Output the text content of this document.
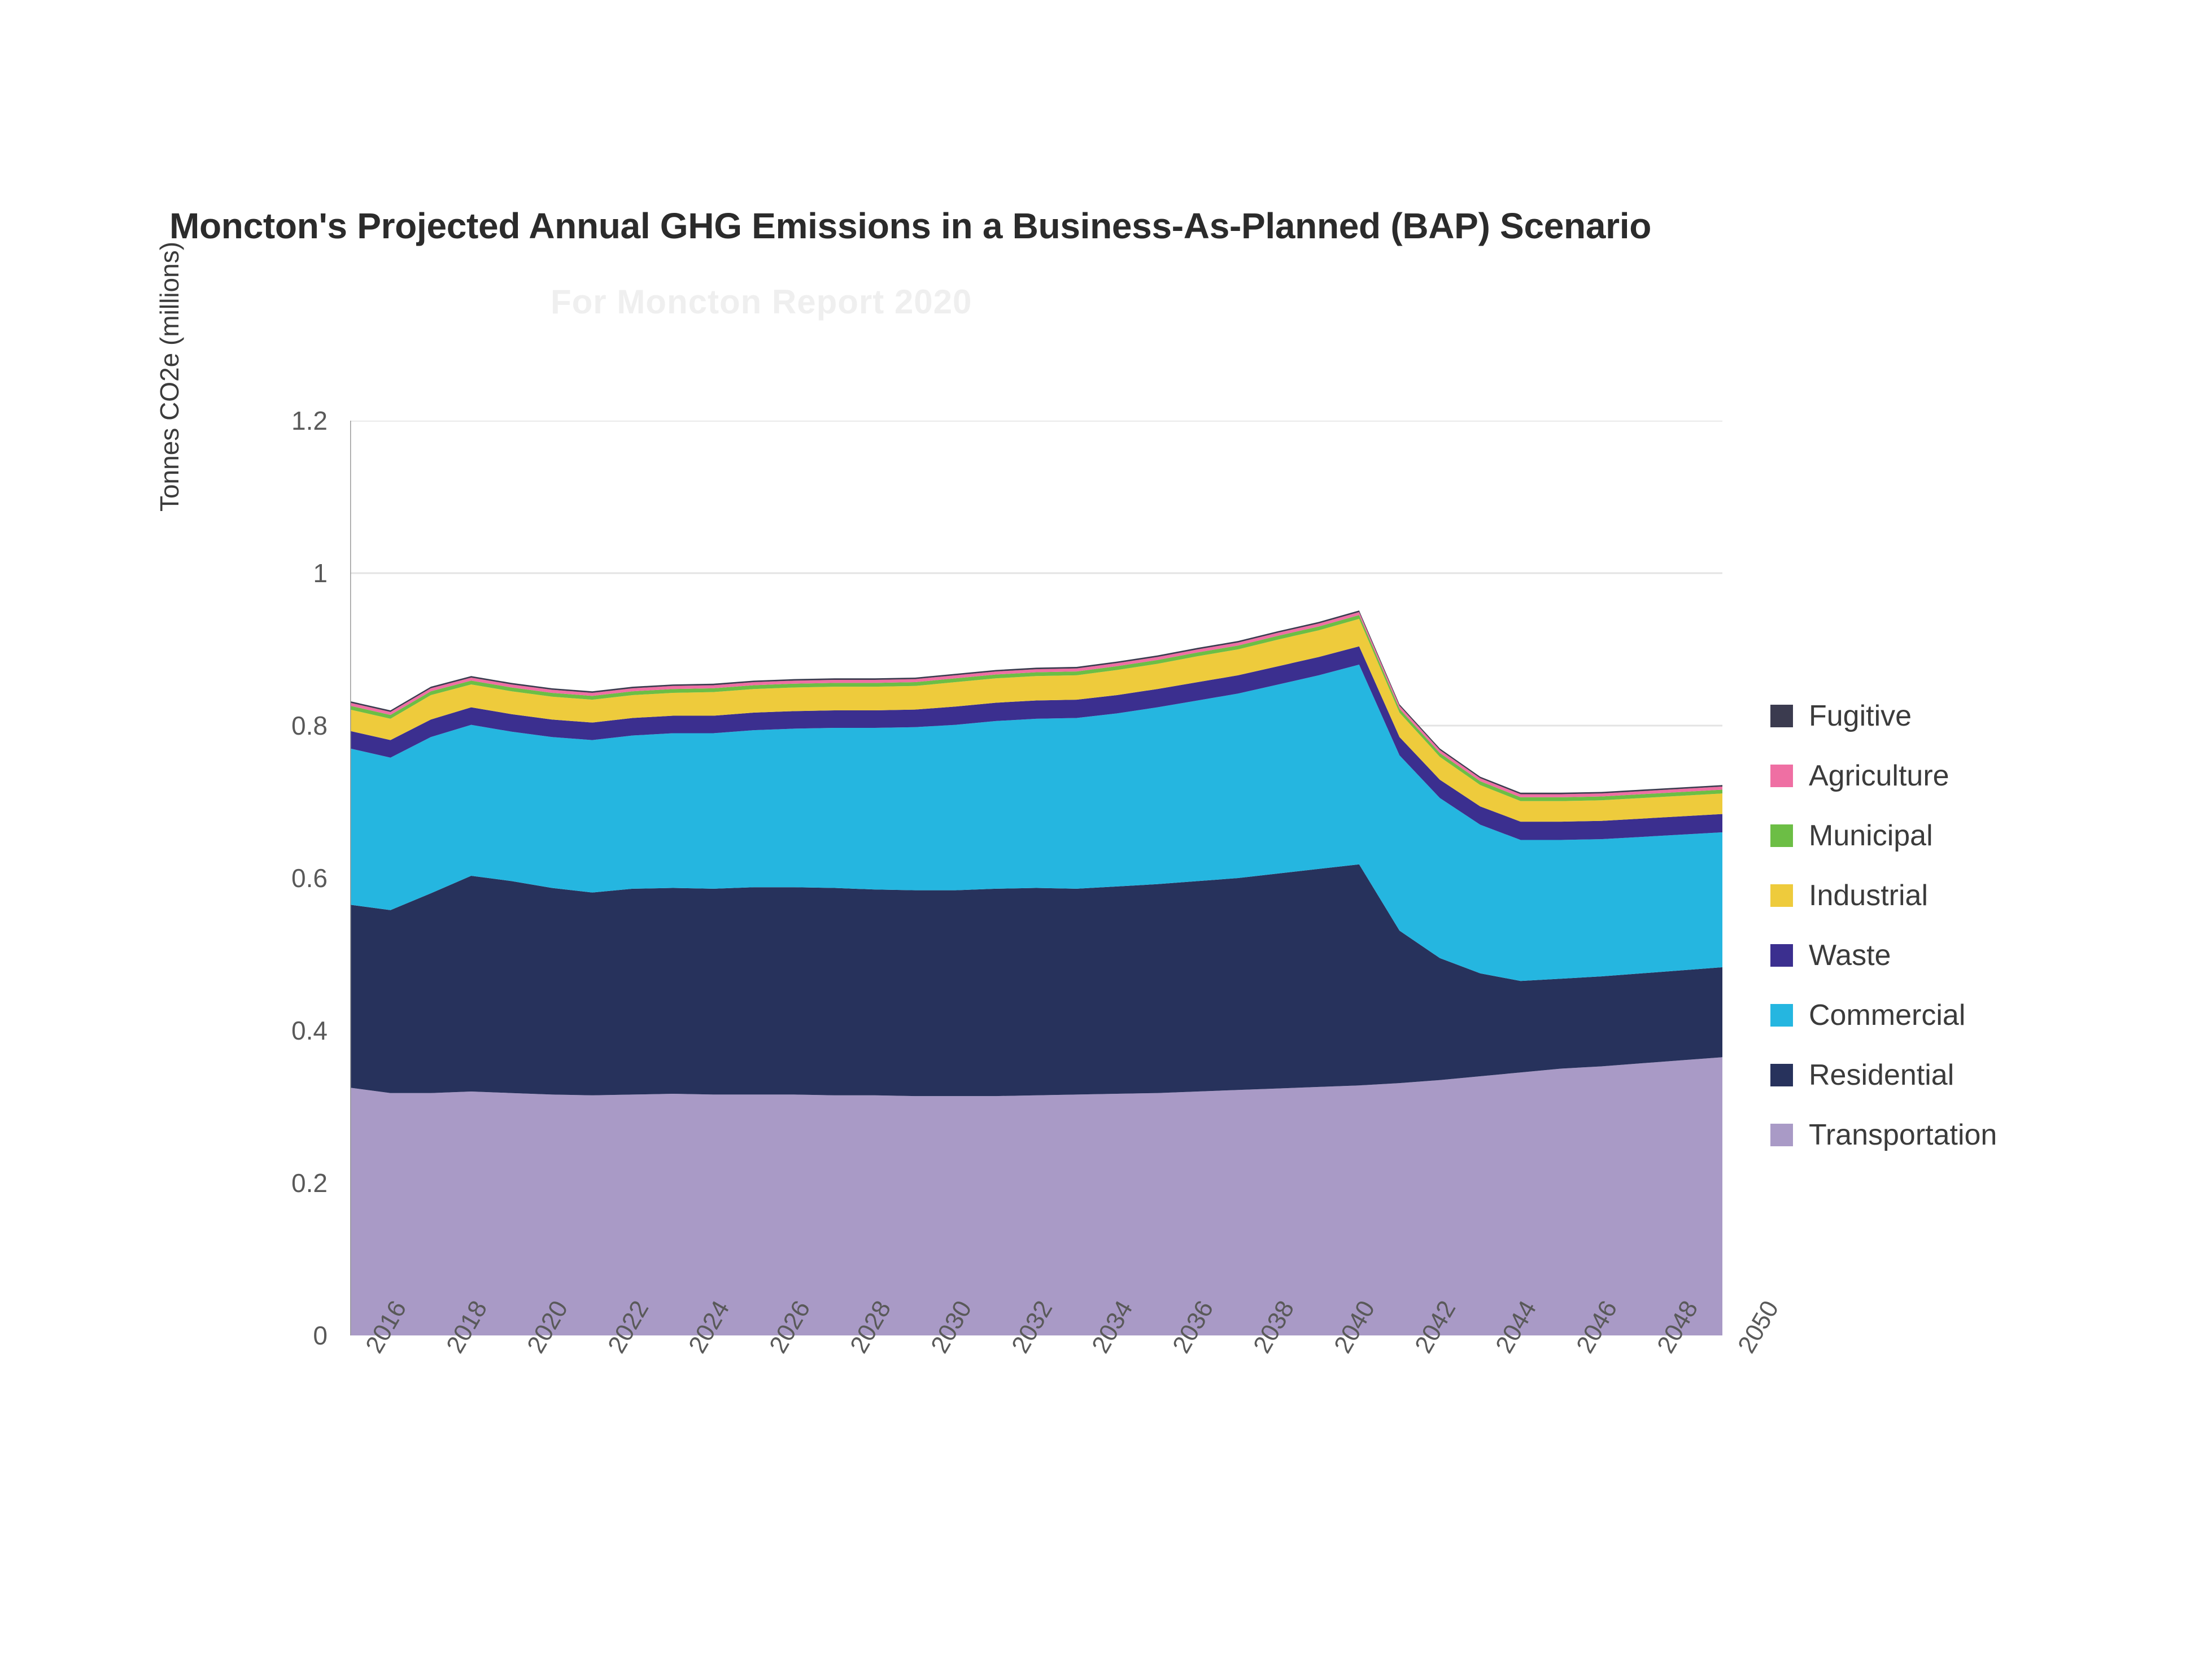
Moncton's Projected Annual GHG Emissions in a Business-As-Planned (BAP) Scenario
For Moncton Report 2020
Tonnes CO2e (millions)
0
0.2
0.4
0.6
0.8
1
1.2
2016 2018 2020 2022 2024 2026 2028 2030 2032 2034 2036 2038 2040 2042 2044 2046 2048 2050
Fugitive
Agriculture
Municipal
Industrial
Waste
Commercial
Residential
Transportation
